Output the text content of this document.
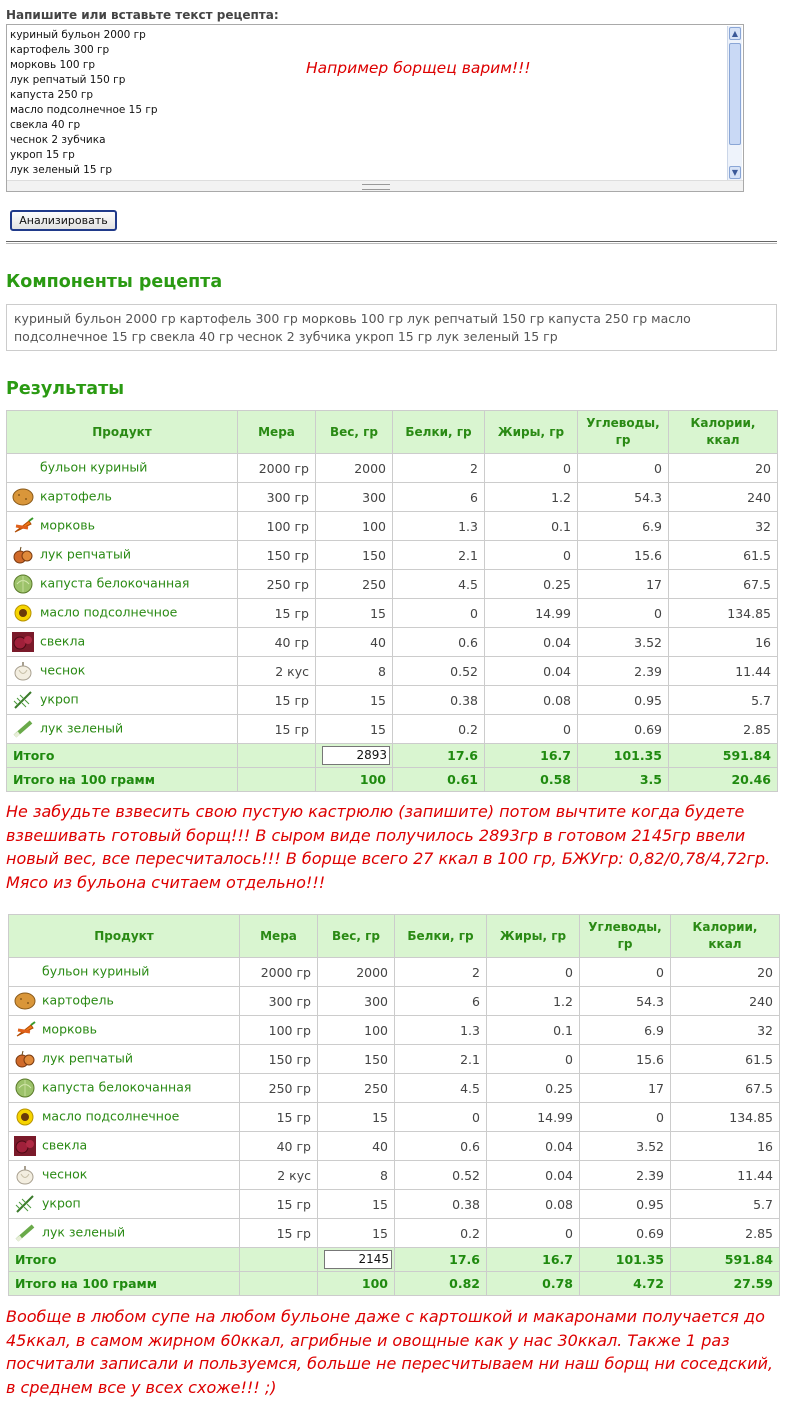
Напишите или вставьте текст рецепта:
куриный бульон 2000 гр
картофель 300 гр
морковь 100 гр
лук репчатый 150 гр
капуста 250 гр
масло подсолнечное 15 гр
свекла 40 гр
чеснок 2 зубчика
укроп 15 гр
лук зеленый 15 гр
Например борщец варим!!!
▲
▼
Анализировать
Компоненты рецепта
куриный бульон 2000 гр картофель 300 гр морковь 100 гр лук репчатый 150 гр капуста 250 гр масло подсолнечное 15 гр свекла 40 гр чеснок 2 зубчика укроп 15 гр лук зеленый 15 гр
Результаты
Продукт	Мера	Вес, гр	Белки, гр	Жиры, гр	Углеводы, гр	Калории, ккал
бульон куриный	2000 гр	2000	2	0	0	20
картофель	300 гр	300	6	1.2	54.3	240
морковь	100 гр	100	1.3	0.1	6.9	32
лук репчатый	150 гр	150	2.1	0	15.6	61.5
капуста белокочанная	250 гр	250	4.5	0.25	17	67.5
масло подсолнечное	15 гр	15	0	14.99	0	134.85
свекла	40 гр	40	0.6	0.04	3.52	16
чеснок	2 кус	8	0.52	0.04	2.39	11.44
укроп	15 гр	15	0.38	0.08	0.95	5.7
лук зеленый	15 гр	15	0.2	0	0.69	2.85
Итого		2893	17.6	16.7	101.35	591.84
Итого на 100 грамм		100	0.61	0.58	3.5	20.46
Не забудьте взвесить свою пустую кастрюлю (запишите) потом вычтите когда будете взвешивать готовый борщ!!! В сыром виде получилось 2893гр в готовом 2145гр ввели новый вес, все пересчиталось!!! В борще всего 27 ккал в 100 гр, БЖУгр: 0,82/0,78/4,72гр. Мясо из бульона считаем отдельно!!!
Продукт	Мера	Вес, гр	Белки, гр	Жиры, гр	Углеводы, гр	Калории, ккал
бульон куриный	2000 гр	2000	2	0	0	20
картофель	300 гр	300	6	1.2	54.3	240
морковь	100 гр	100	1.3	0.1	6.9	32
лук репчатый	150 гр	150	2.1	0	15.6	61.5
капуста белокочанная	250 гр	250	4.5	0.25	17	67.5
масло подсолнечное	15 гр	15	0	14.99	0	134.85
свекла	40 гр	40	0.6	0.04	3.52	16
чеснок	2 кус	8	0.52	0.04	2.39	11.44
укроп	15 гр	15	0.38	0.08	0.95	5.7
лук зеленый	15 гр	15	0.2	0	0.69	2.85
Итого		2145	17.6	16.7	101.35	591.84
Итого на 100 грамм		100	0.82	0.78	4.72	27.59
Вообще в любом супе на любом бульоне даже с картошкой и макаронами получается до 45ккал, в самом жирном 60ккал, агрибные и овощные как у нас 30ккал. Также 1 раз посчитали записали и пользуемся, больше не пересчитываем ни наш борщ ни соседский, в среднем все у всех схоже!!! ;)
